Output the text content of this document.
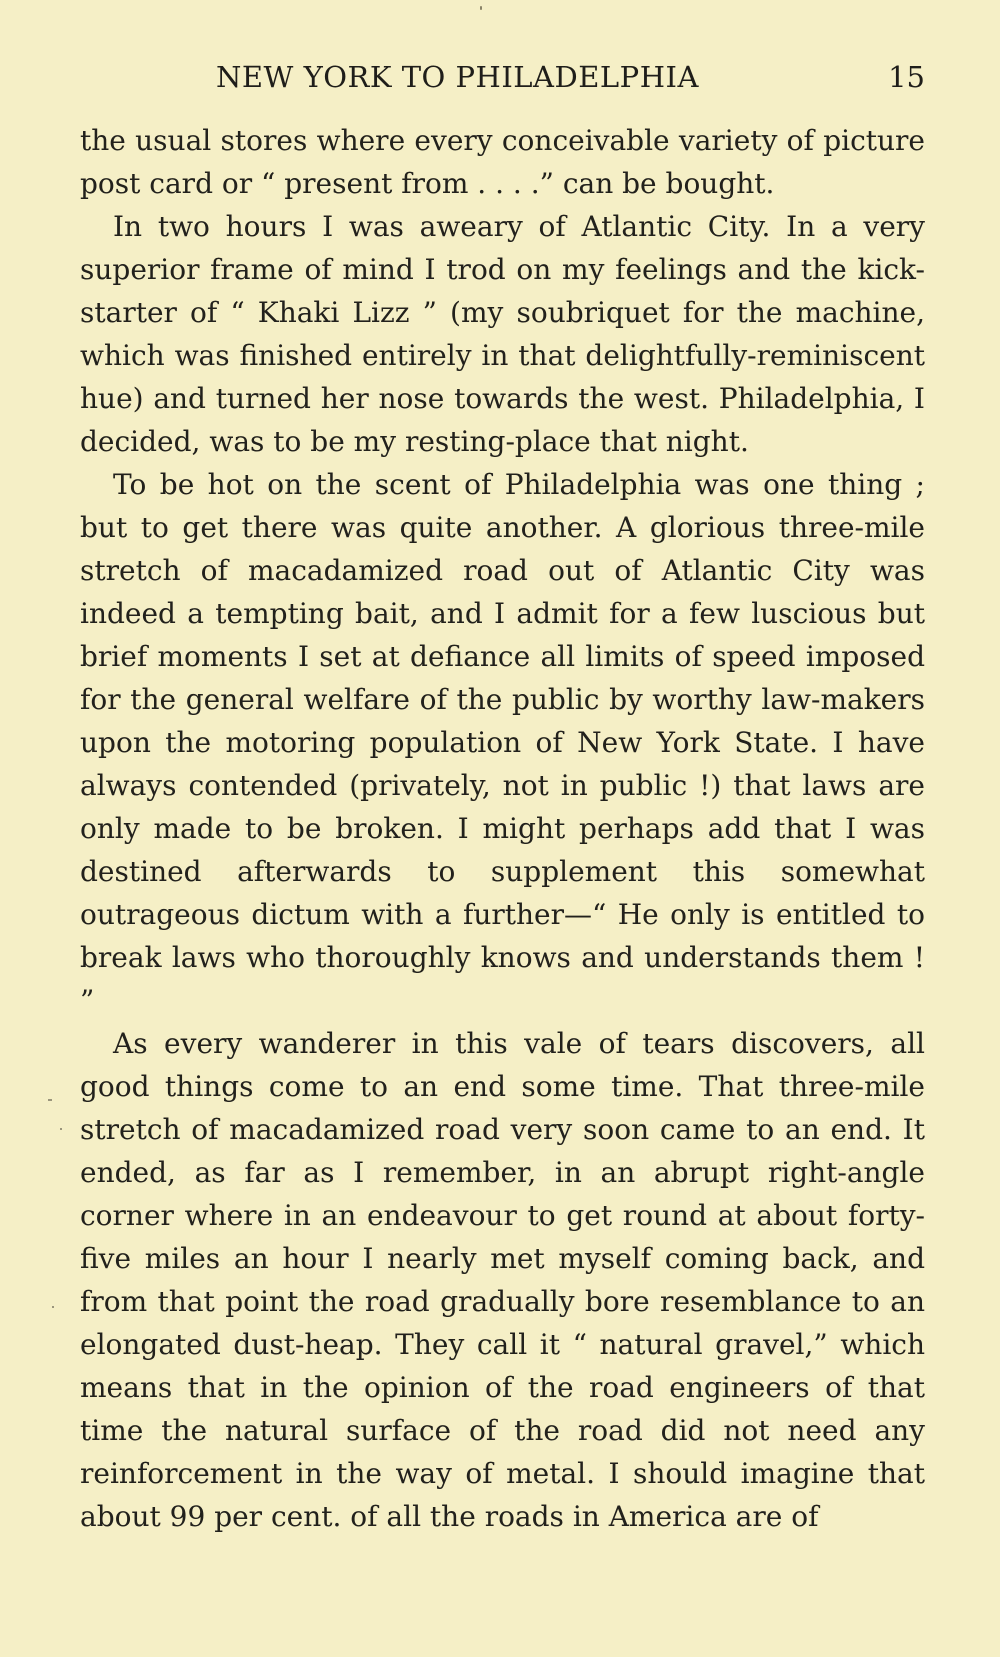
NEW YORK TO PHILADELPHIA	15

the usual stores where every conceivable variety of picture post card or “ present from . . . .” can be bought.

In two hours I was aweary of Atlantic City. In a very superior frame of mind I trod on my feelings and the kick-starter of “ Khaki Lizz ” (my soubriquet for the machine, which was finished entirely in that delightfully-reminiscent hue) and turned her nose towards the west. Philadelphia, I decided, was to be my resting-place that night.

To be hot on the scent of Philadelphia was one thing ; but to get there was quite another. A glorious three-mile stretch of macadamized road out of Atlantic City was indeed a tempting bait, and I admit for a few luscious but brief moments I set at defiance all limits of speed imposed for the general welfare of the public by worthy law-makers upon the motoring population of New York State. I have always contended (privately, not in public !) that laws are only made to be broken. I might perhaps add that I was destined afterwards to supplement this somewhat outrageous dictum with a further—“ He only is entitled to break laws who thoroughly knows and understands them ! ”

As every wanderer in this vale of tears discovers, all good things come to an end some time. That three-mile stretch of macadamized road very soon came to an end. It ended, as far as I remember, in an abrupt right-angle corner where in an endeavour to get round at about forty-five miles an hour I nearly met myself coming back, and from that point the road gradually bore resemblance to an elongated dust-heap. They call it “ natural gravel,” which means that in the opinion of the road engineers of that time the natural surface of the road did not need any reinforcement in the way of metal. I should imagine that about 99 per cent. of all the roads in America are of
